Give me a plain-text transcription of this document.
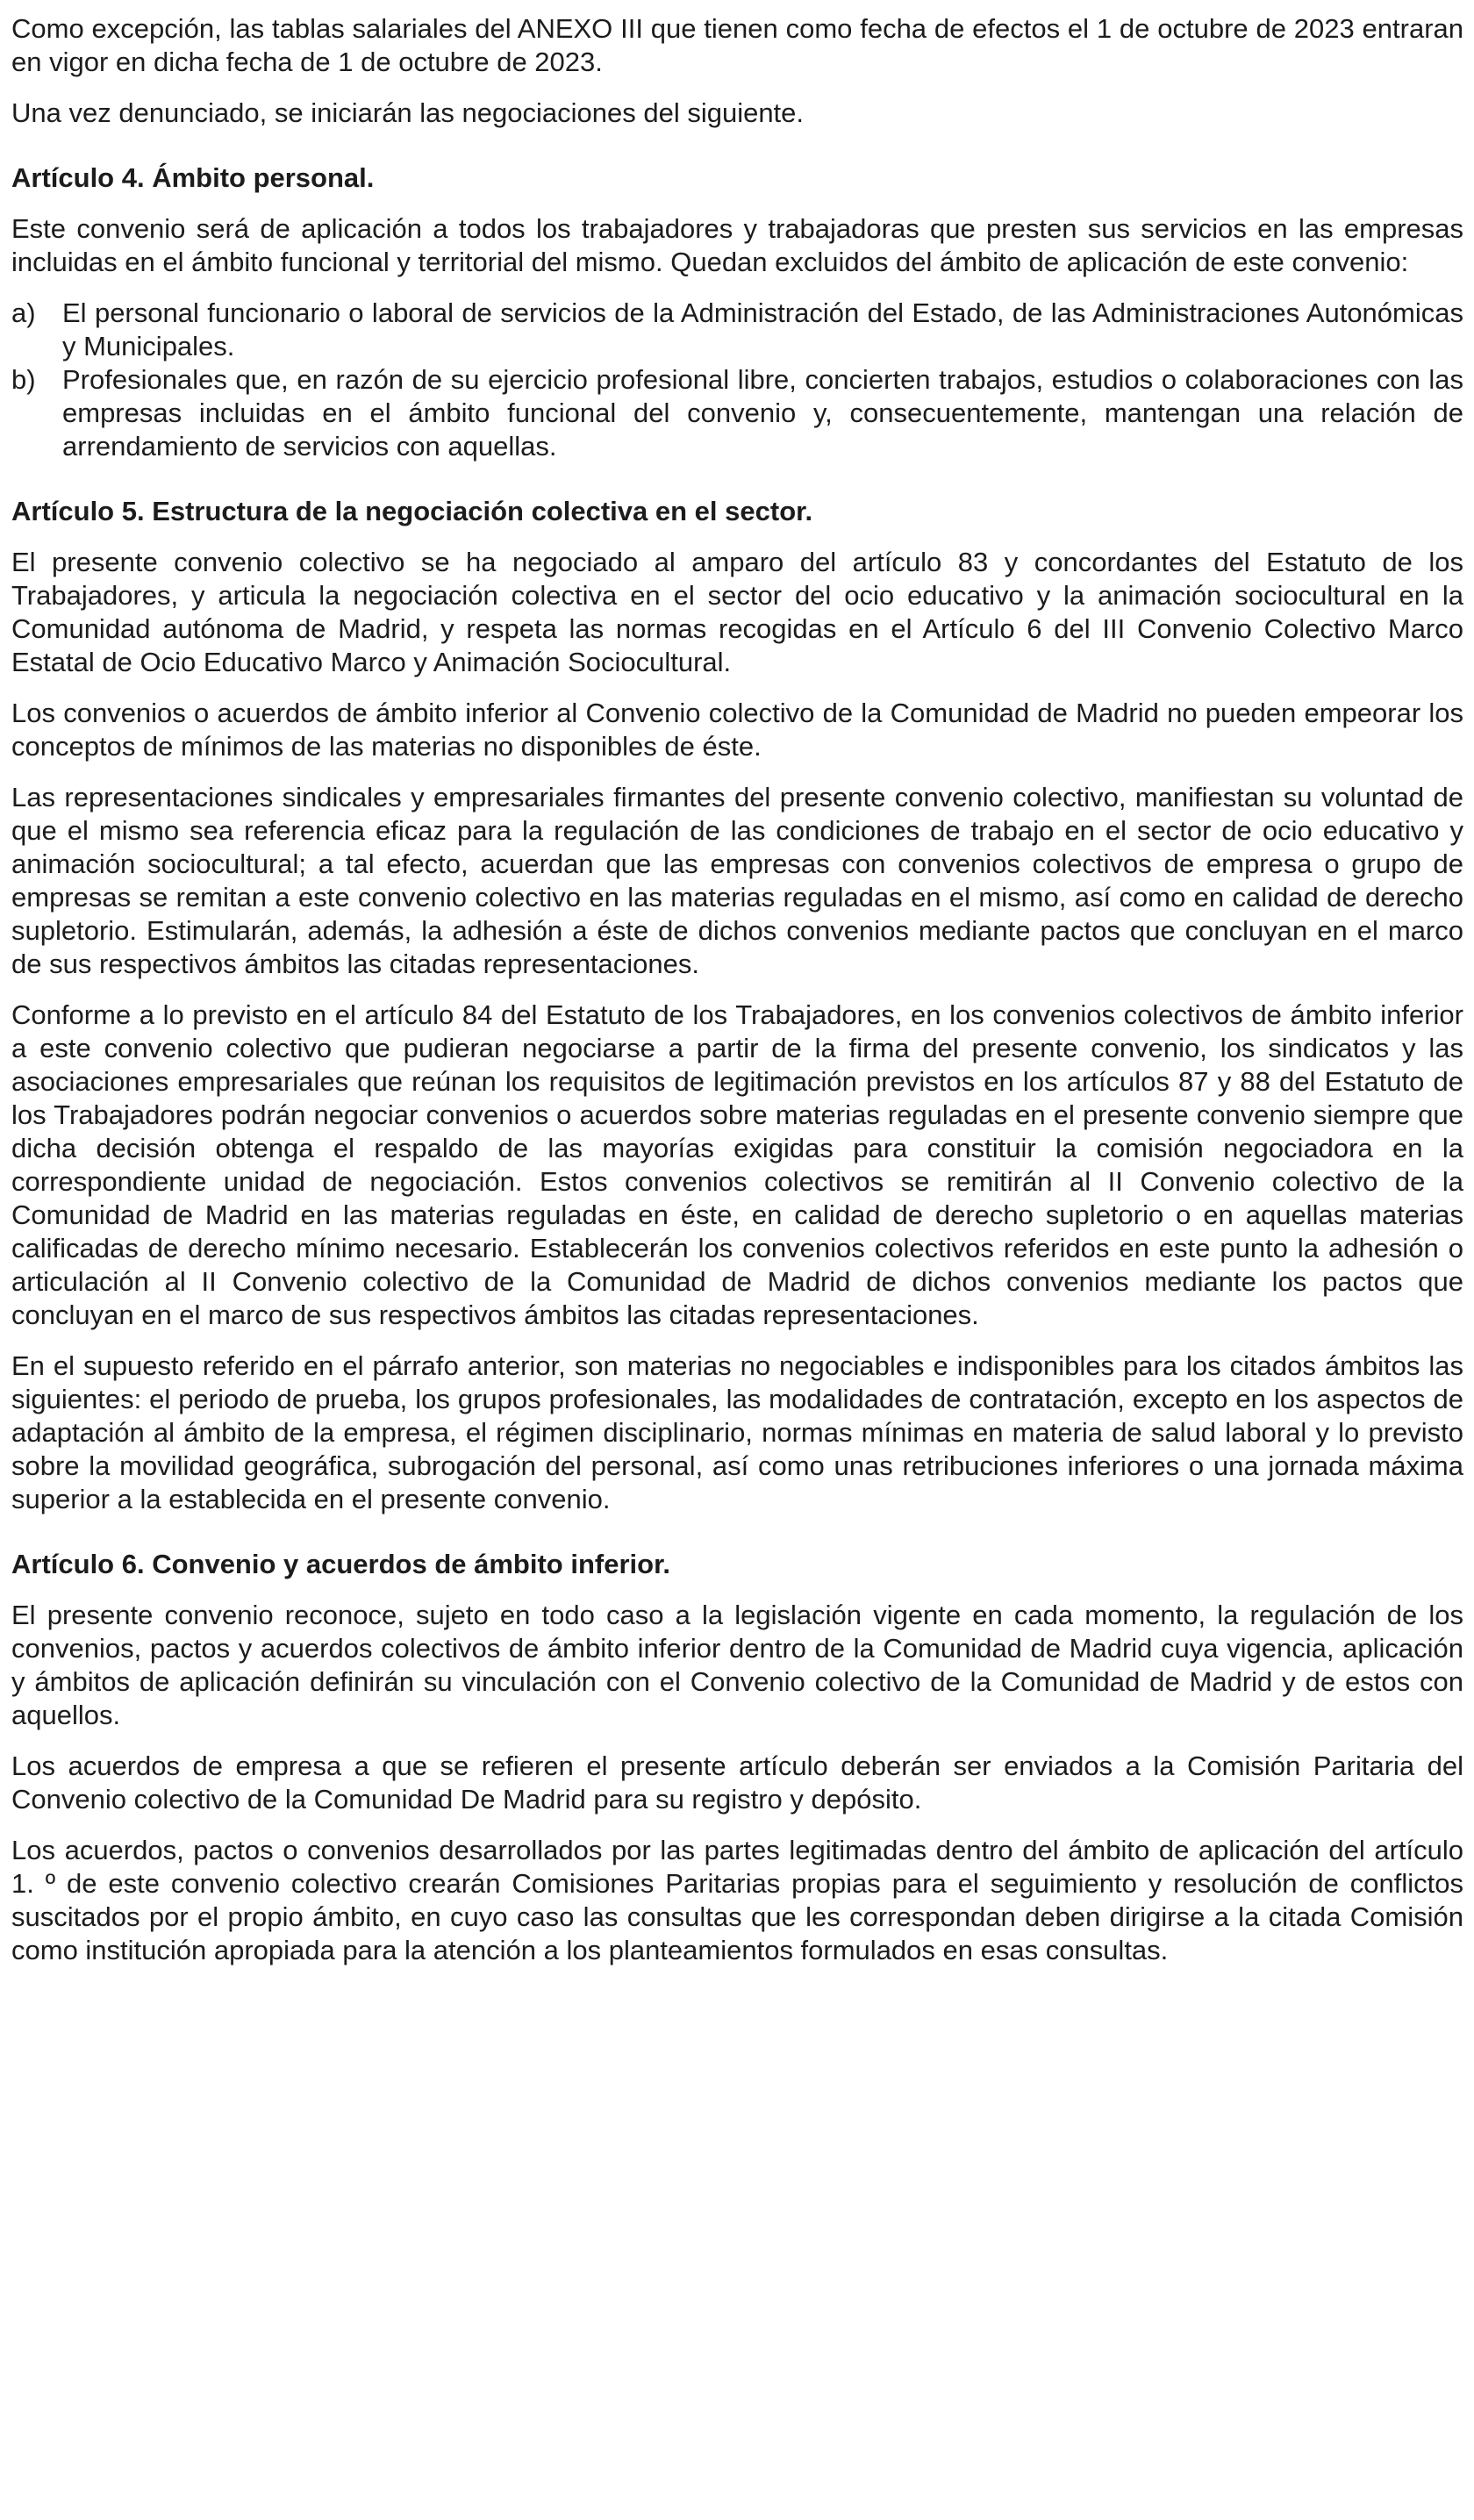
Como excepción, las tablas salariales del ANEXO III que tienen como fecha de efectos el 1 de octubre de 2023 entraran en vigor en dicha fecha de 1 de octubre de 2023.

Una vez denunciado, se iniciarán las negociaciones del siguiente.

Artículo 4. Ámbito personal.

Este convenio será de aplicación a todos los trabajadores y trabajadoras que presten sus servicios en las empresas incluidas en el ámbito funcional y territorial del mismo. Quedan excluidos del ámbito de aplicación de este convenio:

a) El personal funcionario o laboral de servicios de la Administración del Estado, de las Administraciones Autonómicas y Municipales.
b) Profesionales que, en razón de su ejercicio profesional libre, concierten trabajos, estudios o colaboraciones con las empresas incluidas en el ámbito funcional del convenio y, consecuentemente, mantengan una relación de arrendamiento de servicios con aquellas.
Artículo 5. Estructura de la negociación colectiva en el sector.

El presente convenio colectivo se ha negociado al amparo del artículo 83 y concordantes del Estatuto de los Trabajadores, y articula la negociación colectiva en el sector del ocio educativo y la animación sociocultural en la Comunidad autónoma de Madrid, y respeta las normas recogidas en el Artículo 6 del III Convenio Colectivo Marco Estatal de Ocio Educativo Marco y Animación Sociocultural.

Los convenios o acuerdos de ámbito inferior al Convenio colectivo de la Comunidad de Madrid no pueden empeorar los conceptos de mínimos de las materias no disponibles de éste.

Las representaciones sindicales y empresariales firmantes del presente convenio colectivo, manifiestan su voluntad de que el mismo sea referencia eficaz para la regulación de las condiciones de trabajo en el sector de ocio educativo y animación sociocultural; a tal efecto, acuerdan que las empresas con convenios colectivos de empresa o grupo de empresas se remitan a este convenio colectivo en las materias reguladas en el mismo, así como en calidad de derecho supletorio. Estimularán, además, la adhesión a éste de dichos convenios mediante pactos que concluyan en el marco de sus respectivos ámbitos las citadas representaciones.

Conforme a lo previsto en el artículo 84 del Estatuto de los Trabajadores, en los convenios colectivos de ámbito inferior a este convenio colectivo que pudieran negociarse a partir de la firma del presente convenio, los sindicatos y las asociaciones empresariales que reúnan los requisitos de legitimación previstos en los artículos 87 y 88 del Estatuto de los Trabajadores podrán negociar convenios o acuerdos sobre materias reguladas en el presente convenio siempre que dicha decisión obtenga el respaldo de las mayorías exigidas para constituir la comisión negociadora en la correspondiente unidad de negociación. Estos convenios colectivos se remitirán al II Convenio colectivo de la Comunidad de Madrid en las materias reguladas en éste, en calidad de derecho supletorio o en aquellas materias calificadas de derecho mínimo necesario. Establecerán los convenios colectivos referidos en este punto la adhesión o articulación al II Convenio colectivo de la Comunidad de Madrid de dichos convenios mediante los pactos que concluyan en el marco de sus respectivos ámbitos las citadas representaciones.

En el supuesto referido en el párrafo anterior, son materias no negociables e indisponibles para los citados ámbitos las siguientes: el periodo de prueba, los grupos profesionales, las modalidades de contratación, excepto en los aspectos de adaptación al ámbito de la empresa, el régimen disciplinario, normas mínimas en materia de salud laboral y lo previsto sobre la movilidad geográfica, subrogación del personal, así como unas retribuciones inferiores o una jornada máxima superior a la establecida en el presente convenio.

Artículo 6. Convenio y acuerdos de ámbito inferior.

El presente convenio reconoce, sujeto en todo caso a la legislación vigente en cada momento, la regulación de los convenios, pactos y acuerdos colectivos de ámbito inferior dentro de la Comunidad de Madrid cuya vigencia, aplicación y ámbitos de aplicación definirán su vinculación con el Convenio colectivo de la Comunidad de Madrid y de estos con aquellos.

Los acuerdos de empresa a que se refieren el presente artículo deberán ser enviados a la Comisión Paritaria del Convenio colectivo de la Comunidad De Madrid para su registro y depósito.

Los acuerdos, pactos o convenios desarrollados por las partes legitimadas dentro del ámbito de aplicación del artículo 1. º de este convenio colectivo crearán Comisiones Paritarias propias para el seguimiento y resolución de conflictos suscitados por el propio ámbito, en cuyo caso las consultas que les correspondan deben dirigirse a la citada Comisión como institución apropiada para la atención a los planteamientos formulados en esas consultas.
